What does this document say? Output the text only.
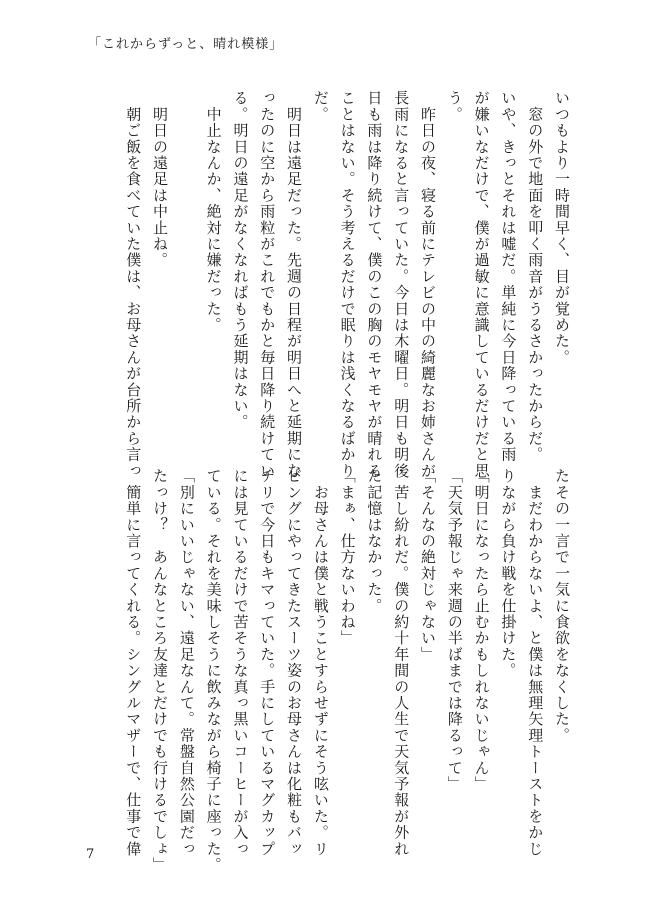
「これからずっと、晴れ模様」
いつもより一時間早く、目が覚めた。
　窓の外で地面を叩く雨音がうるさかったからだ。
いや、きっとそれは嘘だ。単純に今日降っている雨
が嫌いなだけで、僕が過敏に意識しているだけだと思
う。
　昨日の夜、寝る前にテレビの中の綺麗なお姉さんが
長雨になると言っていた。今日は木曜日。明日も明後
日も雨は降り続けて、僕のこの胸のモヤモヤが晴れる
ことはない。そう考えるだけで眠りは浅くなるばかり
だ。
　明日は遠足だった。先週の日程が明日へと延期にな
ったのに空から雨粒がこれでもかと毎日降り続けてい
る。明日の遠足がなくなればもう延期はない。
　中止なんか、絶対に嫌だった。

　明日の遠足は中止ね。
　朝ご飯を食べていた僕は、お母さんが台所から言っ
たその一言で一気に食欲をなくした。
　まだわからないよ、と僕は無理矢理トーストをかじ
りながら負け戦を仕掛けた。
「明日になったら止むかもしれないじゃん」
「天気予報じゃ来週の半ばまでは降るって」
「そんなの絶対じゃない」
　苦し紛れだ。僕の約十年間の人生で天気予報が外れ
た記憶はなかった。
「まぁ、仕方ないわね」
　お母さんは僕と戦うことすらせずにそう呟いた。リ
ビングにやってきたスーツ姿のお母さんは化粧もバッ
チリで今日もキマっていた。手にしているマグカップ
には見ているだけで苦そうな真っ黒いコーヒーが入っ
ている。それを美味しそうに飲みながら椅子に座った。
「別にいいじゃない、遠足なんて。常盤自然公園だっ
たっけ？　あんなところ友達とだけでも行けるでしょ」
　簡単に言ってくれる。シングルマザーで、仕事で偉
7
